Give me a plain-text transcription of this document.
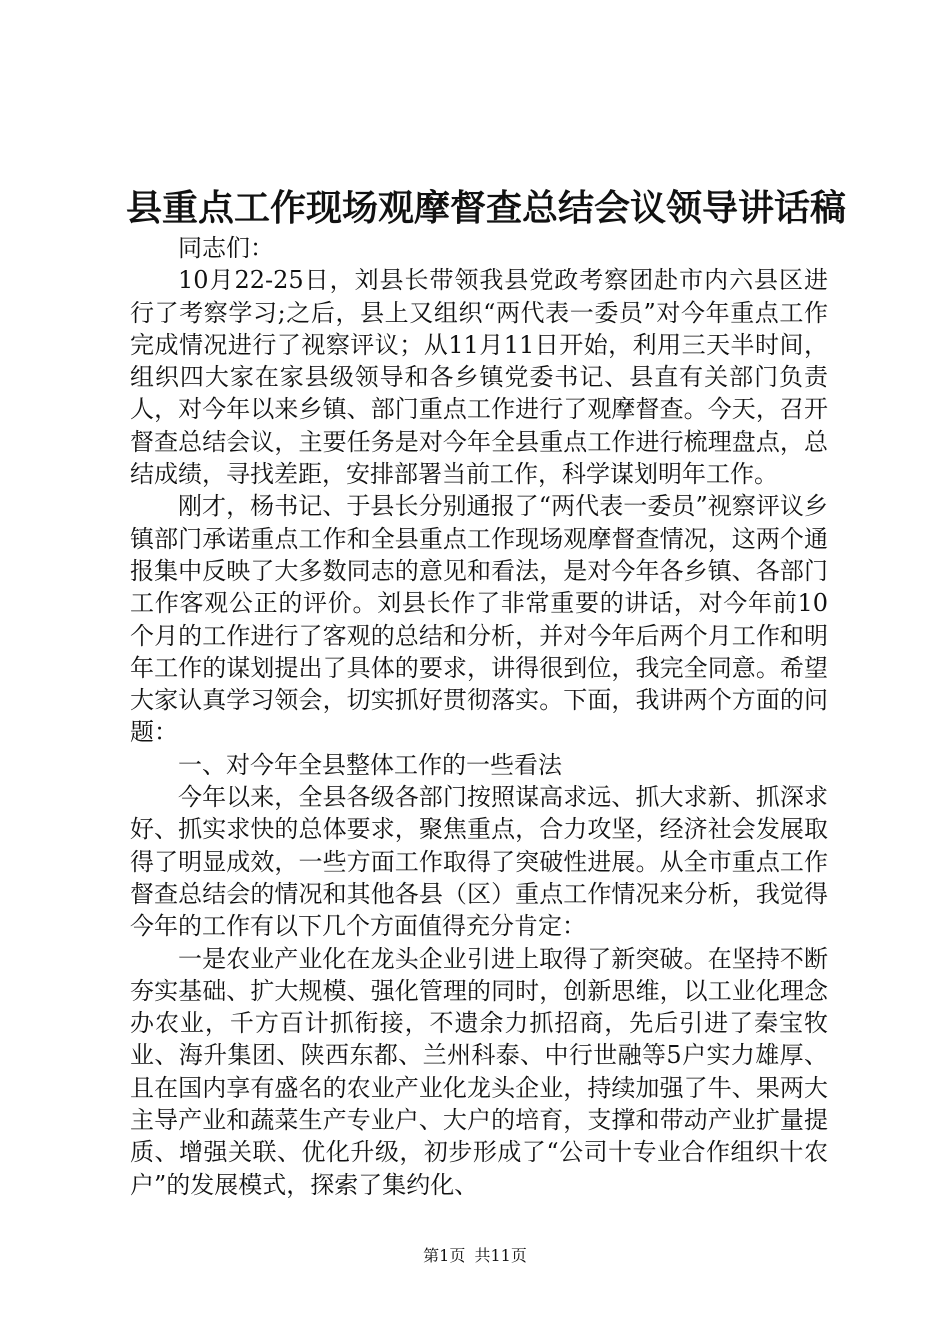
县重点工作现场观摩督查总结会议领导讲话稿

同志们：

10月22-25日，刘县长带领我县党政考察团赴市内六县区进行了考察学习;之后，县上又组织“两代表一委员”对今年重点工作完成情况进行了视察评议；从11月11日开始，利用三天半时间，组织四大家在家县级领导和各乡镇党委书记、县直有关部门负责人，对今年以来乡镇、部门重点工作进行了观摩督查。今天，召开督查总结会议，主要任务是对今年全县重点工作进行梳理盘点，总结成绩，寻找差距，安排部署当前工作，科学谋划明年工作。

刚才，杨书记、于县长分别通报了“两代表一委员”视察评议乡镇部门承诺重点工作和全县重点工作现场观摩督查情况，这两个通报集中反映了大多数同志的意见和看法，是对今年各乡镇、各部门工作客观公正的评价。刘县长作了非常重要的讲话，对今年前10个月的工作进行了客观的总结和分析，并对今年后两个月工作和明年工作的谋划提出了具体的要求，讲得很到位，我完全同意。希望大家认真学习领会，切实抓好贯彻落实。下面，我讲两个方面的问题：

一、对今年全县整体工作的一些看法

今年以来，全县各级各部门按照谋高求远、抓大求新、抓深求好、抓实求快的总体要求，聚焦重点，合力攻坚，经济社会发展取得了明显成效，一些方面工作取得了突破性进展。从全市重点工作督查总结会的情况和其他各县（区）重点工作情况来分析，我觉得今年的工作有以下几个方面值得充分肯定：

一是农业产业化在龙头企业引进上取得了新突破。在坚持不断夯实基础、扩大规模、强化管理的同时，创新思维，以工业化理念办农业，千方百计抓衔接，不遗余力抓招商，先后引进了秦宝牧业、海升集团、陕西东都、兰州科泰、中行世融等5户实力雄厚、且在国内享有盛名的农业产业化龙头企业，持续加强了牛、果两大主导产业和蔬菜生产专业户、大户的培育，支撑和带动产业扩量提质、增强关联、优化升级，初步形成了“公司十专业合作组织十农户”的发展模式，探索了集约化、

第1页 共11页
